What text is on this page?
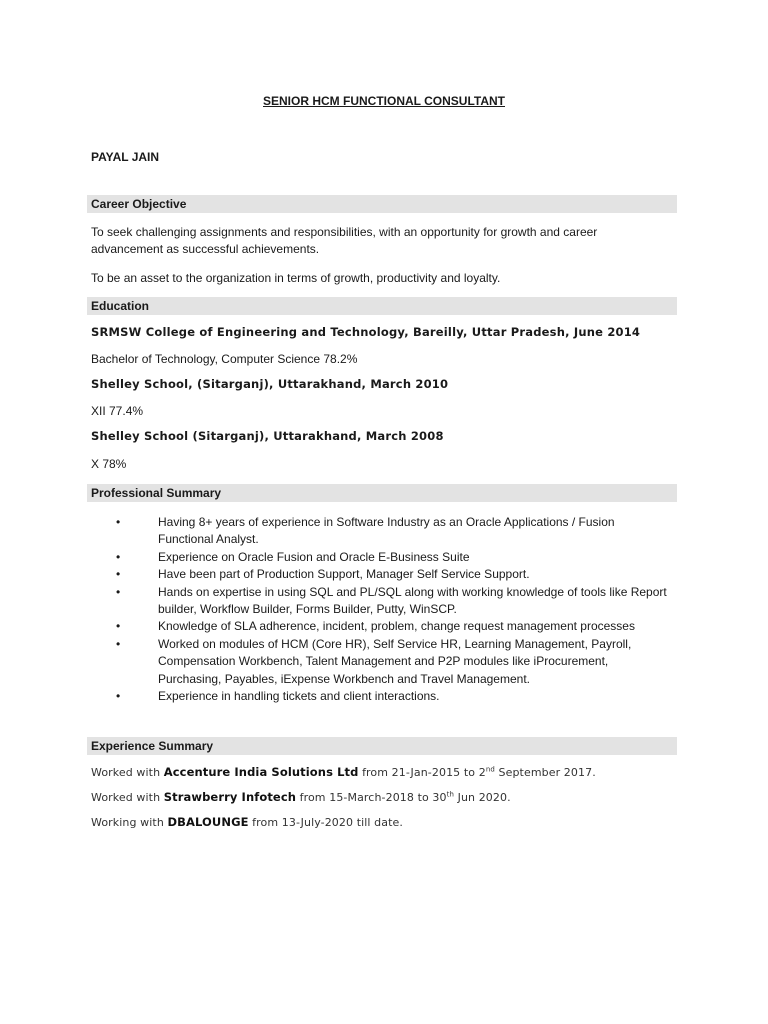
SENIOR HCM FUNCTIONAL CONSULTANT
PAYAL JAIN
Career Objective
To seek challenging assignments and responsibilities, with an opportunity for growth and career advancement as successful achievements.
To be an asset to the organization in terms of growth, productivity and loyalty.
Education
SRMSW College of Engineering and Technology, Bareilly, Uttar Pradesh, June 2014
Bachelor of Technology, Computer Science 78.2%
Shelley School, (Sitarganj), Uttarakhand, March 2010
XII 77.4%
Shelley School (Sitarganj), Uttarakhand, March 2008
X 78%
Professional Summary
•	Having 8+ years of experience in Software Industry as an Oracle Applications / Fusion Functional Analyst.
•	Experience on Oracle Fusion and Oracle E-Business Suite
•	Have been part of Production Support, Manager Self Service Support.
•	Hands on expertise in using SQL and PL/SQL along with working knowledge of tools like Report builder, Workflow Builder, Forms Builder, Putty, WinSCP.
•	Knowledge of SLA adherence, incident, problem, change request management processes
•	Worked on modules of HCM (Core HR), Self Service HR, Learning Management, Payroll, Compensation Workbench, Talent Management and P2P modules like iProcurement, Purchasing, Payables, iExpense Workbench and Travel Management.
•	Experience in handling tickets and client interactions.
Experience Summary
Worked with Accenture India Solutions Ltd from 21-Jan-2015 to 2nd September 2017.
Worked with Strawberry Infotech from 15-March-2018 to 30th Jun 2020.
Working with DBALOUNGE from 13-July-2020 till date.
